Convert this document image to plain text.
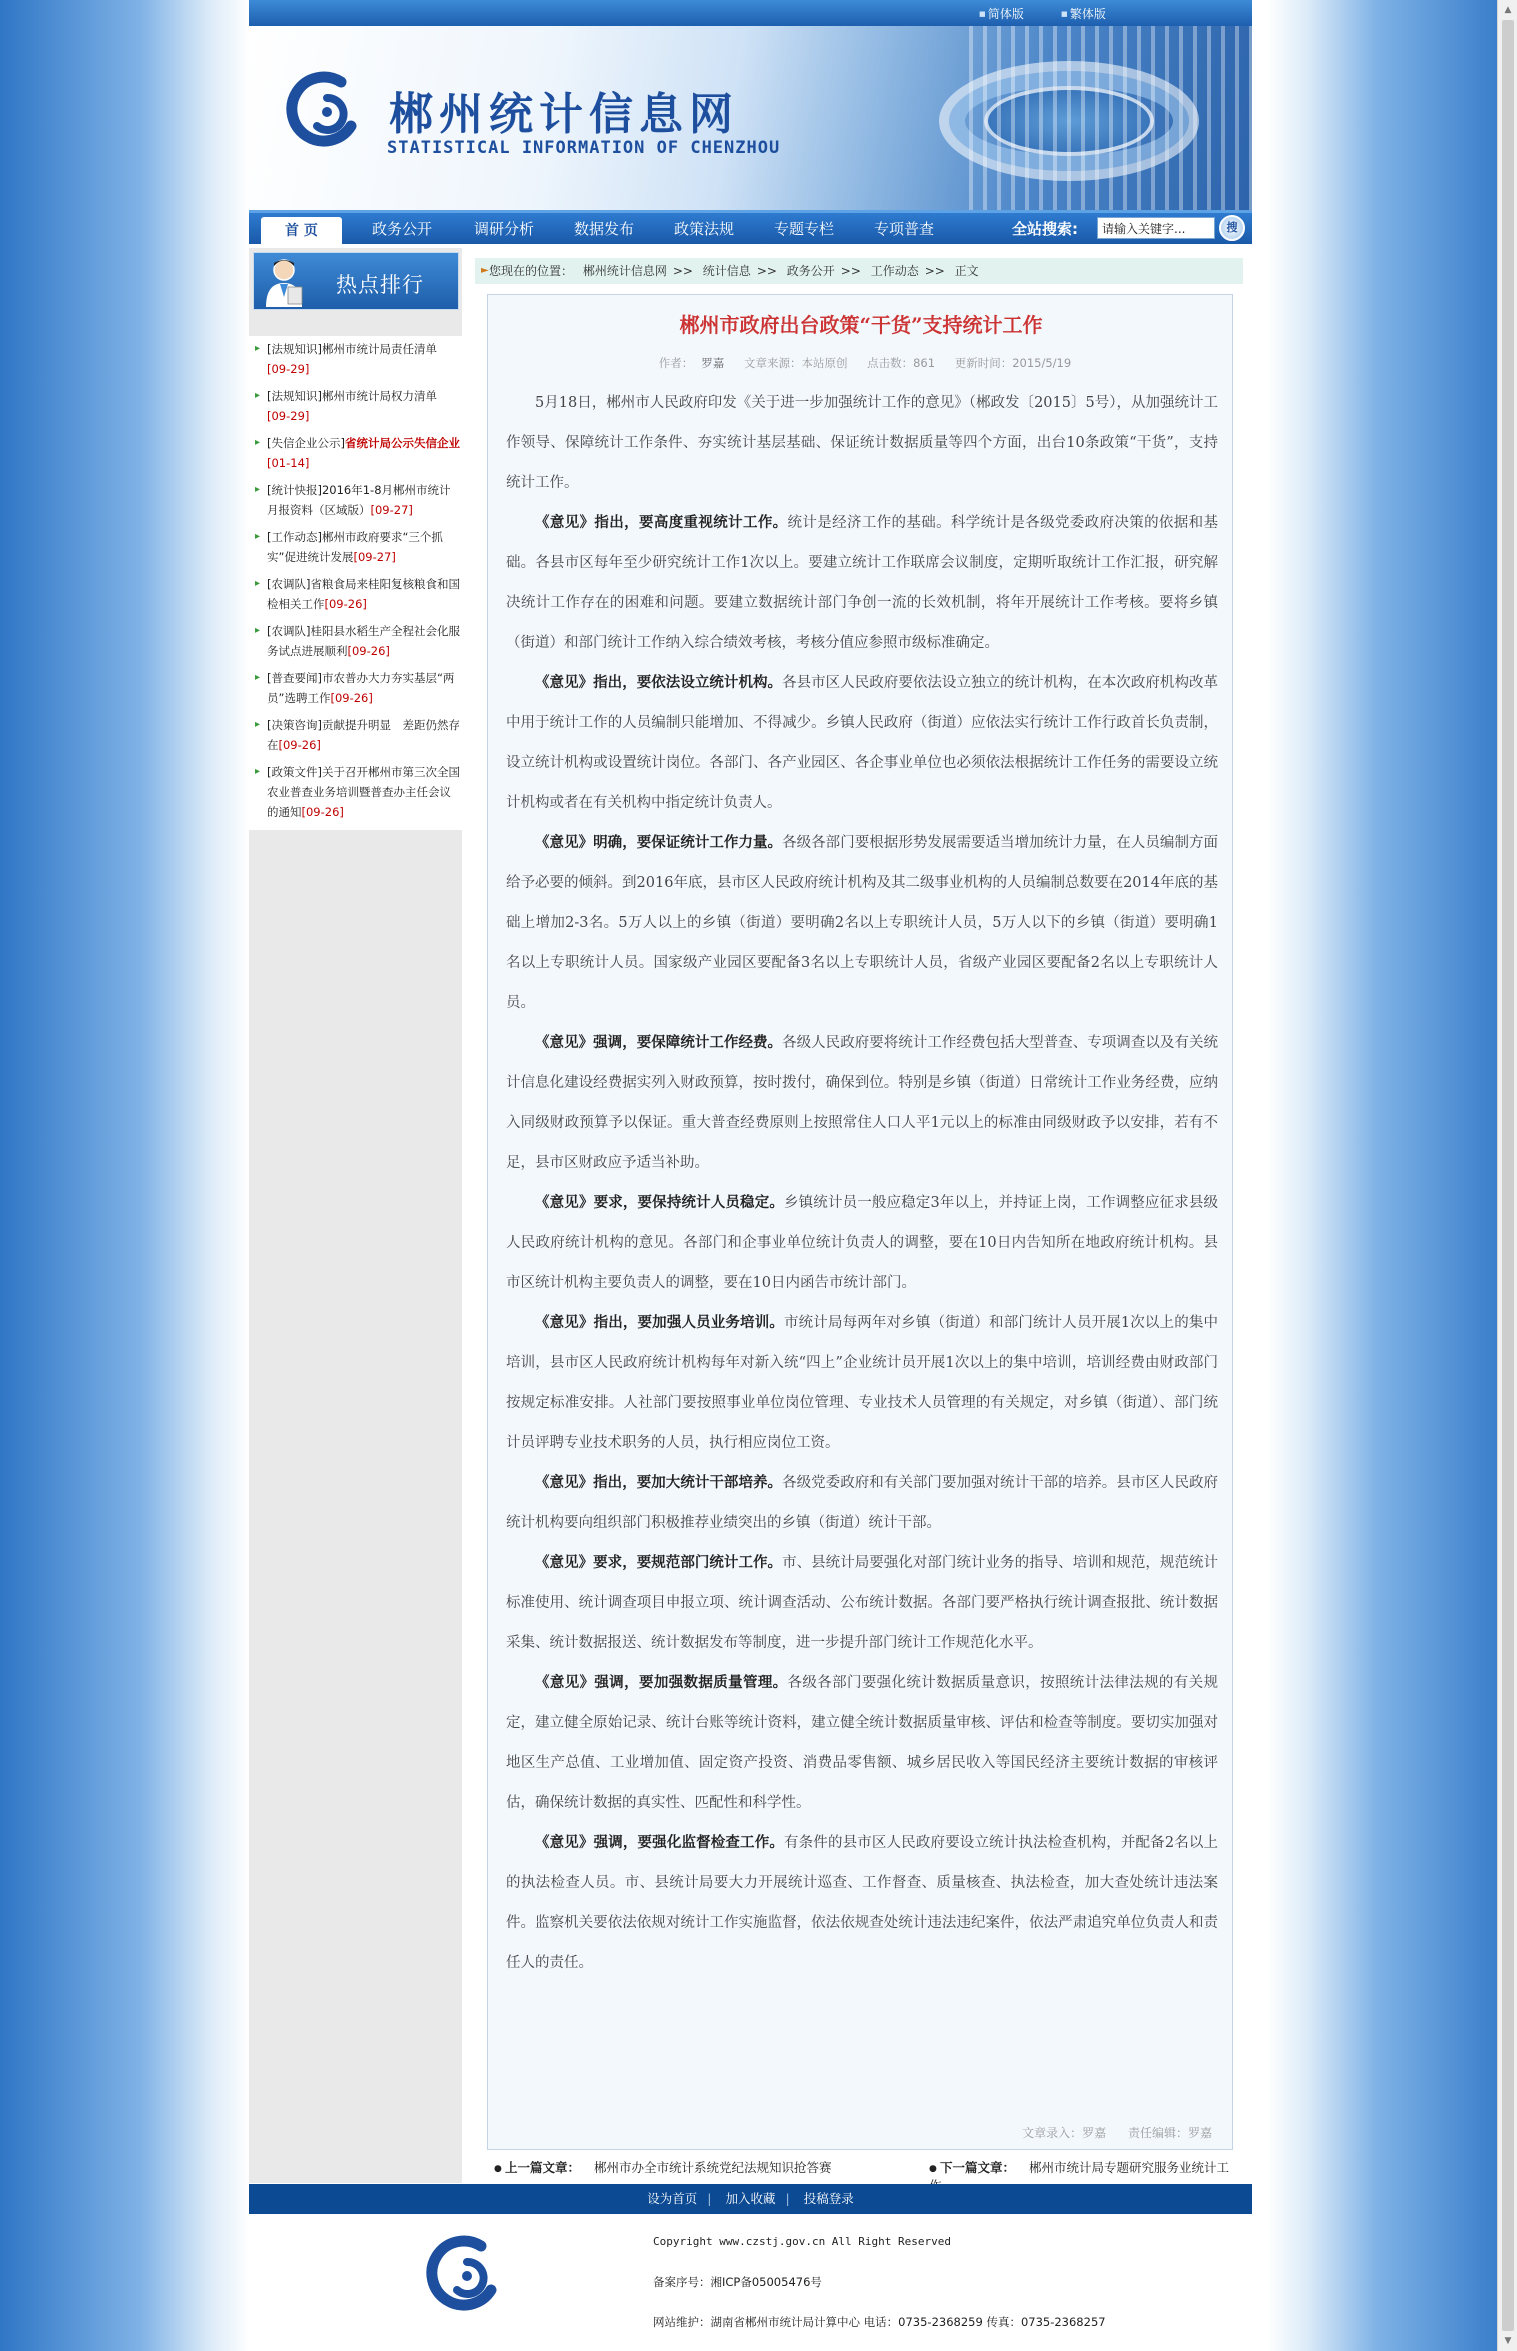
▲
▼
■ 简体版	■ 繁体版
郴州统计信息网
STATISTICAL INFORMATION OF CHENZHOU
首 页	政务公开	调研分析	数据发布	政策法规	专题专栏	专项普查	全站搜索:
请输入关键字...	搜
热点排行
▸ [法规知识]郴州市统计局责任清单[09-29]
▸ [法规知识]郴州市统计局权力清单[09-29]
▸ [失信企业公示]省统计局公示失信企业[01-14]
▸ [统计快报]2016年1-8月郴州市统计月报资料（区域版）[09-27]
▸ [工作动态]郴州市政府要求“三个抓实”促进统计发展[09-27]
▸ [农调队]省粮食局来桂阳复核粮食和国检相关工作[09-26]
▸ [农调队]桂阳县水稻生产全程社会化服务试点进展顺利[09-26]
▸ [普查要闻]市农普办大力夯实基层“两员”选聘工作[09-26]
▸ [决策咨询]贡献提升明显　差距仍然存在[09-26]
▸ [政策文件]关于召开郴州市第三次全国农业普查业务培训暨普查办主任会议的通知[09-26]
► 您现在的位置： 郴州统计信息网 >> 统计信息 >> 政务公开 >> 工作动态 >> 正文
郴州市政府出台政策“干货”支持统计工作
作者： 罗嘉 文章来源：本站原创 点击数：861 更新时间：2015/5/19

5月18日，郴州市人民政府印发《关于进一步加强统计工作的意见》（郴政发〔2015〕5号），从加强统计工作领导、保障统计工作条件、夯实统计基层基础、保证统计数据质量等四个方面，出台10条政策“干货”，支持统计工作。

《意见》指出，要高度重视统计工作。统计是经济工作的基础。科学统计是各级党委政府决策的依据和基础。各县市区每年至少研究统计工作1次以上。要建立统计工作联席会议制度，定期听取统计工作汇报，研究解决统计工作存在的困难和问题。要建立数据统计部门争创一流的长效机制，将年开展统计工作考核。要将乡镇（街道）和部门统计工作纳入综合绩效考核，考核分值应参照市级标准确定。

《意见》指出，要依法设立统计机构。各县市区人民政府要依法设立独立的统计机构，在本次政府机构改革中用于统计工作的人员编制只能增加、不得减少。乡镇人民政府（街道）应依法实行统计工作行政首长负责制，设立统计机构或设置统计岗位。各部门、各产业园区、各企事业单位也必须依法根据统计工作任务的需要设立统计机构或者在有关机构中指定统计负责人。

《意见》明确，要保证统计工作力量。各级各部门要根据形势发展需要适当增加统计力量，在人员编制方面给予必要的倾斜。到2016年底，县市区人民政府统计机构及其二级事业机构的人员编制总数要在2014年底的基础上增加2-3名。5万人以上的乡镇（街道）要明确2名以上专职统计人员，5万人以下的乡镇（街道）要明确1名以上专职统计人员。国家级产业园区要配备3名以上专职统计人员，省级产业园区要配备2名以上专职统计人员。

《意见》强调，要保障统计工作经费。各级人民政府要将统计工作经费包括大型普查、专项调查以及有关统计信息化建设经费据实列入财政预算，按时拨付，确保到位。特别是乡镇（街道）日常统计工作业务经费，应纳入同级财政预算予以保证。重大普查经费原则上按照常住人口人平1元以上的标准由同级财政予以安排，若有不足，县市区财政应予适当补助。

《意见》要求，要保持统计人员稳定。乡镇统计员一般应稳定3年以上，并持证上岗，工作调整应征求县级人民政府统计机构的意见。各部门和企事业单位统计负责人的调整，要在10日内告知所在地政府统计机构。县市区统计机构主要负责人的调整，要在10日内函告市统计部门。

《意见》指出，要加强人员业务培训。市统计局每两年对乡镇（街道）和部门统计人员开展1次以上的集中培训，县市区人民政府统计机构每年对新入统“四上”企业统计员开展1次以上的集中培训，培训经费由财政部门按规定标准安排。人社部门要按照事业单位岗位管理、专业技术人员管理的有关规定，对乡镇（街道）、部门统计员评聘专业技术职务的人员，执行相应岗位工资。

《意见》指出，要加大统计干部培养。各级党委政府和有关部门要加强对统计干部的培养。县市区人民政府统计机构要向组织部门积极推荐业绩突出的乡镇（街道）统计干部。

《意见》要求，要规范部门统计工作。市、县统计局要强化对部门统计业务的指导、培训和规范，规范统计标准使用、统计调查项目申报立项、统计调查活动、公布统计数据。各部门要严格执行统计调查报批、统计数据采集、统计数据报送、统计数据发布等制度，进一步提升部门统计工作规范化水平。

《意见》强调，要加强数据质量管理。各级各部门要强化统计数据质量意识，按照统计法律法规的有关规定，建立健全原始记录、统计台账等统计资料，建立健全统计数据质量审核、评估和检查等制度。要切实加强对地区生产总值、工业增加值、固定资产投资、消费品零售额、城乡居民收入等国民经济主要统计数据的审核评估，确保统计数据的真实性、匹配性和科学性。

《意见》强调，要强化监督检查工作。有条件的县市区人民政府要设立统计执法检查机构，并配备2名以上的执法检查人员。市、县统计局要大力开展统计巡查、工作督查、质量核查、执法检查，加大查处统计违法案件。监察机关要依法依规对统计工作实施监督，依法依规查处统计违法违纪案件，依法严肃追究单位负责人和责任人的责任。

文章录入：罗嘉 责任编辑：罗嘉
● 上一篇文章： 郴州市办全市统计系统党纪法规知识抢答赛	● 下一篇文章： 郴州市统计局专题研究服务业统计工
设为首页 | 加入收藏 | 投稿登录
Copyright www.czstj.gov.cn All Right Reserved
备案序号：湘ICP备05005476号
网站维护：湖南省郴州市统计局计算中心 电话：0735-2368259 传真：0735-2368257
